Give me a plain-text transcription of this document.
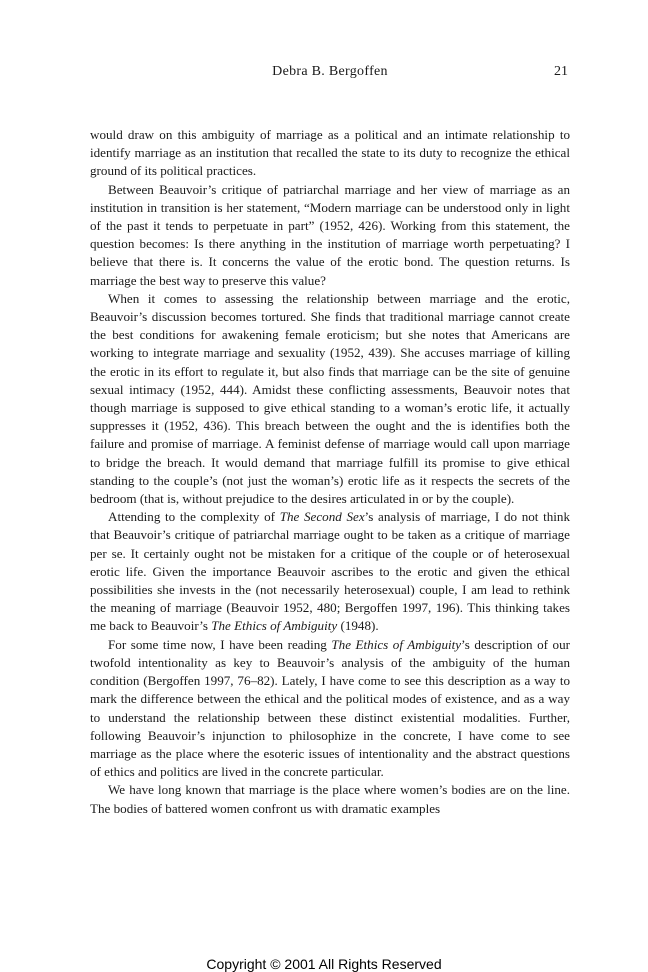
Debra B. Bergoffen	21

would draw on this ambiguity of marriage as a political and an intimate relationship to identify marriage as an institution that recalled the state to its duty to recognize the ethical ground of its political practices.

Between Beauvoir’s critique of patriarchal marriage and her view of marriage as an institution in transition is her statement, “Modern marriage can be understood only in light of the past it tends to perpetuate in part” (1952, 426). Working from this statement, the question becomes: Is there anything in the institution of marriage worth perpetuating? I believe that there is. It concerns the value of the erotic bond. The question returns. Is marriage the best way to preserve this value?

When it comes to assessing the relationship between marriage and the erotic, Beauvoir’s discussion becomes tortured. She finds that traditional marriage cannot create the best conditions for awakening female eroticism; but she notes that Americans are working to integrate marriage and sexuality (1952, 439). She accuses marriage of killing the erotic in its effort to regulate it, but also finds that marriage can be the site of genuine sexual intimacy (1952, 444). Amidst these conflicting assessments, Beauvoir notes that though marriage is supposed to give ethical standing to a woman’s erotic life, it actually suppresses it (1952, 436). This breach between the ought and the is identifies both the failure and promise of marriage. A feminist defense of marriage would call upon marriage to bridge the breach. It would demand that marriage fulfill its promise to give ethical standing to the couple’s (not just the woman’s) erotic life as it respects the secrets of the bedroom (that is, without prejudice to the desires articulated in or by the couple).

Attending to the complexity of The Second Sex’s analysis of marriage, I do not think that Beauvoir’s critique of patriarchal marriage ought to be taken as a critique of marriage per se. It certainly ought not be mistaken for a critique of the couple or of heterosexual erotic life. Given the importance Beauvoir ascribes to the erotic and given the ethical possibilities she invests in the (not necessarily heterosexual) couple, I am lead to rethink the meaning of marriage (Beauvoir 1952, 480; Bergoffen 1997, 196). This thinking takes me back to Beauvoir’s The Ethics of Ambiguity (1948).

For some time now, I have been reading The Ethics of Ambiguity’s description of our twofold intentionality as key to Beauvoir’s analysis of the ambiguity of the human condition (Bergoffen 1997, 76–82). Lately, I have come to see this description as a way to mark the difference between the ethical and the political modes of existence, and as a way to understand the relationship between these distinct existential modalities. Further, following Beauvoir’s injunction to philosophize in the concrete, I have come to see marriage as the place where the esoteric issues of intentionality and the abstract questions of ethics and politics are lived in the concrete particular.

We have long known that marriage is the place where women’s bodies are on the line. The bodies of battered women confront us with dramatic examples

Copyright © 2001 All Rights Reserved
